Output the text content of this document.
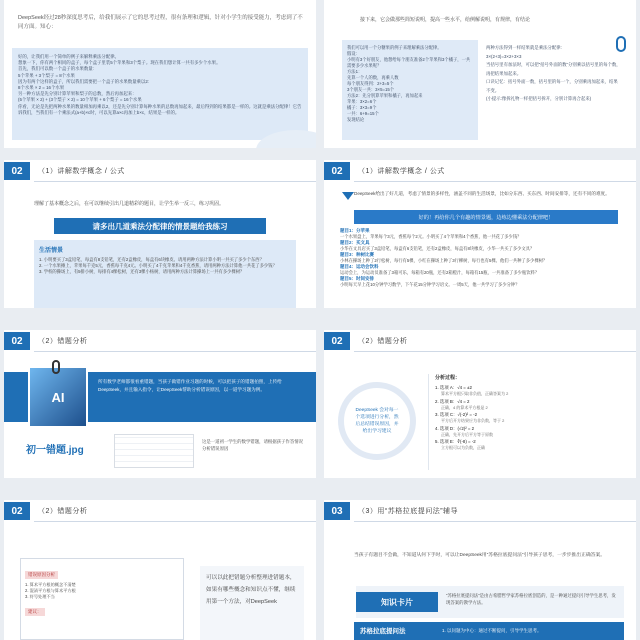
DeepSeek经过28秒深度思考后，给我们展示了它的思考过程，很有条理和逻辑，针对小学生的接受能力，考虑到了不同方面。知心：
好的，让我们用一个简单的例子来解释乘法分配律。
想象一下，你有两个相同的盒子，每个盒子里装5个苹果和3个梨子。现在我们想计算一共有多少个水果。
首先，我们可以数一个盒子的水果数量：
5个苹果 + 3个梨子 = 8个水果
因为有两个这样的盒子，所以我们需要把一个盒子的水果数量乘以2：
8个水果 × 2 = 16个水果
另一种方法是先分别计算苹果和梨子的总数，然后再加起来：
(5个苹果 × 2) + (3个梨子 × 2) = 10个苹果 + 6个梨子 = 16个水果
你看，无论是先把两种水果的数量相加再乘以2，还是先分别计算每种水果的总数再加起来，最后得到的结果都是一样的。这就是乘法分配律！它告诉我们，当我们有一个乘法式(a+b)×c时，可以先算a×c再加上b×c，结果是一样的。
接下来，它会做那些简短说明，提高一些水平，给例解说明，有规律，有结论
我们可以用一个分糖果的例子来理解乘法分配律。
假设：
小明有3个好朋友，他想给每个朋友准备2个苹果和3个橘子，一共需要多少水果呢？
方法1：
先算一个人的数，再乘人数
每个朋友得到：2+3=5个
3个朋友一共：3×5=15个
方法2：先分别算苹果和橘子，再加起来
苹果：3×2=6个
橘子：3×3=9个
一共：6+9=15个
发现结论
两种方法得到一样结果就是乘法分配律：
3×(2+3)=3×2+3×3
当括号里有加法时，可以把“括号外面的数”分别乘以括号里的每个数，再把结果加起来。
口诀记忆：括号外面一数，括号里的每一个，分别乘再加起来，结果不变。
(小提示:像拆礼物一样把括号拆开，分别计算再合起来)
02	（1）讲解数学概念 / 公式
理解了基本概念之后，在可以继续引出几道精彩的题目，让学生举一反三，练习巩固。
请多出几道乘法分配律的情景题给我练习
生活情景
1. 小明要买了3盒铅笔，每盒有8支铅笔，还有2盒橡皮，每盒有6块橡皮。请用两种方法计算小明一共买了多少个东西？
2. 一个水果摊上，苹果每千克5元，香蕉每千克4元。小明买了4千克苹果和4千克香蕉，请用两种方法计算他一共花了多少钱？
3. 学校的操场上，有5排小树，每排有4棵松树，还有3棵小杨树，请用两种方法计算操场上一共有多少棵树？
02	（1）讲解数学概念 / 公式
DeepSeek给出了好几道，考虑了情景的多样性，涵盖不同的生活场景，比如分东西、买东西、时间安排等，还有不同的难度。
好的！再给你几个有趣的情景题，边练边懂乘法分配律吧！
题目1：分苹果
一个水果盘上，苹果每个3元，香蕉每个2元。小明买了4个苹果和4个香蕉，他一共花了多少钱？
题目2：买文具
小华在文具店买了3盒铅笔，每盒有6支铅笔，还有2盒橡皮，每盒有8块橡皮，小华一共买了多少文具？
题目3：种树比赛
小林在操场上种了2行松树，每行有5棵，小红在操场上种了3行柳树，每行也有5棵。他们一共种了多少棵树？
题目4：运动会饮料
运动会上，为运动员准备了3箱可乐，每箱有20瓶，还有2箱橙汁，每箱有15瓶，一共准备了多少瓶饮料？
题目5：时间安排
小明每天早上花10分钟学习数学，下午花15分钟学习语文。一周5天，他一共学习了多少分钟？
02	（2）错题分析
AI
所有数学老师都很看重错题，当孩子做错作业习题的时候，可以把孩子的错题拍照，上传给DeepSeek，并且输入指令，让DeepSeek帮助分析错误原因，以一道学习题为例。
初一错题.jpg
这是一道初一学生的数学错题，请根据孩子作答情况分析错误原因
02	（2）错题分析
DeepSeek 会对每一个选项进行分析，然后总结错误原因，并给出学习建议
分析过程：
1. 选项 A：√4 = ±2
算术平方根只取非负值，正确答案为 2
2. 选项 B：√4 = 2
正确，4 的算术平方根是 2
3. 选项 C：√(-2)² = -2
平方后开方结果应为非负数，等于 2
4. 选项 D：(√2)² = 2
正确，先开方后平方等于原数
5. 选项 E：∛(-8) = -2
立方根可以为负数，正确
02	（2）错题分析
错误原因分析
1. 算术平方根的概念不清楚
2. 混淆平方根与算术平方根
3. 符号处理不当
建议：
可以以此把错题分析整理进错题本，如果有哪些概念和知识点不懂，继续用第一个方法，对DeepSeek
03	（3）用“苏格拉底提问法”辅导
当孩子有题目不会做，不知道从何下手时，可以让DeepSeek用“苏格拉底提问法”引导孩子思考，一步步推出正确答案。
知识卡片
“苏格拉底提问法”是由古希腊哲学家苏格拉底创造的，是一种通过提问引导学生思考，发现答案的教学方法。
苏格拉底提问法	1. 以问题为中心：通过不断提问，引导学生思考。
